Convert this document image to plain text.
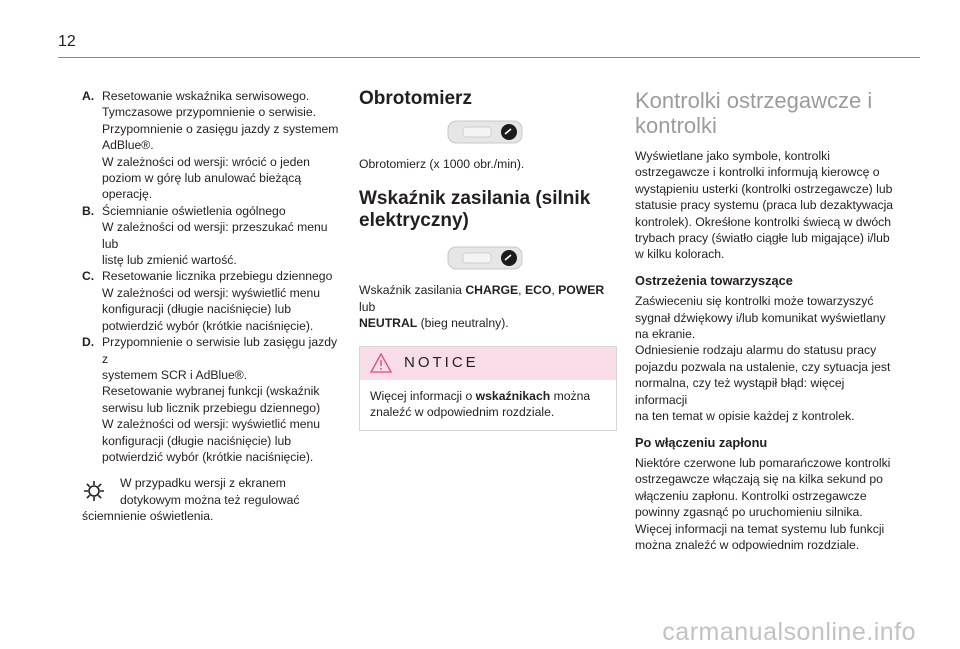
12
A. Resetowanie wskaźnika serwisowego.
Tymczasowe przypomnienie o serwisie.
Przypomnienie o zasięgu jazdy z systemem
AdBlue®.
W zależności od wersji: wrócić o jeden
poziom w górę lub anulować bieżącą
operację.
B. Ściemnianie oświetlenia ogólnego
W zależności od wersji: przeszukać menu lub
listę lub zmienić wartość.
C. Resetowanie licznika przebiegu dziennego
W zależności od wersji: wyświetlić menu
konfiguracji (długie naciśnięcie) lub
potwierdzić wybór (krótkie naciśnięcie).
D. Przypomnienie o serwisie lub zasięgu jazdy z
systemem SCR i AdBlue®.
Resetowanie wybranej funkcji (wskaźnik
serwisu lub licznik przebiegu dziennego)
W zależności od wersji: wyświetlić menu
konfiguracji (długie naciśnięcie) lub
potwierdzić wybór (krótkie naciśnięcie).
W przypadku wersji z ekranem
dotykowym można też regulować
ściemnienie oświetlenia.
Obrotomierz

Obrotomierz (x 1000 obr./min).

Wskaźnik zasilania (silnik
elektryczny)

Wskaźnik zasilania CHARGE, ECO, POWER lub
NEUTRAL (bieg neutralny).

NOTICE
Więcej informacji o wskaźnikach można
znaleźć w odpowiednim rozdziale.
Kontrolki ostrzegawcze i
kontrolki
Wyświetlane jako symbole, kontrolki
ostrzegawcze i kontrolki informują kierowcę o
wystąpieniu usterki (kontrolki ostrzegawcze) lub
statusie pracy systemu (praca lub dezaktywacja
kontrolek). Okreśłone kontrolki świecą w dwóch
trybach pracy (światło ciągłe lub migające) i/lub
w kilku kolorach.
Ostrzeżenia towarzyszące
Zaświeceniu się kontrolki może towarzyszyć
sygnał dźwiękowy i/lub komunikat wyświetlany
na ekranie.
Odniesienie rodzaju alarmu do statusu pracy
pojazdu pozwala na ustalenie, czy sytuacja jest
normalna, czy też wystąpił błąd: więcej informacji
na ten temat w opisie każdej z kontrolek.
Po włączeniu zapłonu
Niektóre czerwone lub pomarańczowe kontrolki
ostrzegawcze włączają się na kilka sekund po
włączeniu zapłonu. Kontrolki ostrzegawcze
powinny zgasnąć po uruchomieniu silnika.
Więcej informacji na temat systemu lub funkcji
można znaleźć w odpowiednim rozdziale.
carmanualsonline.info
